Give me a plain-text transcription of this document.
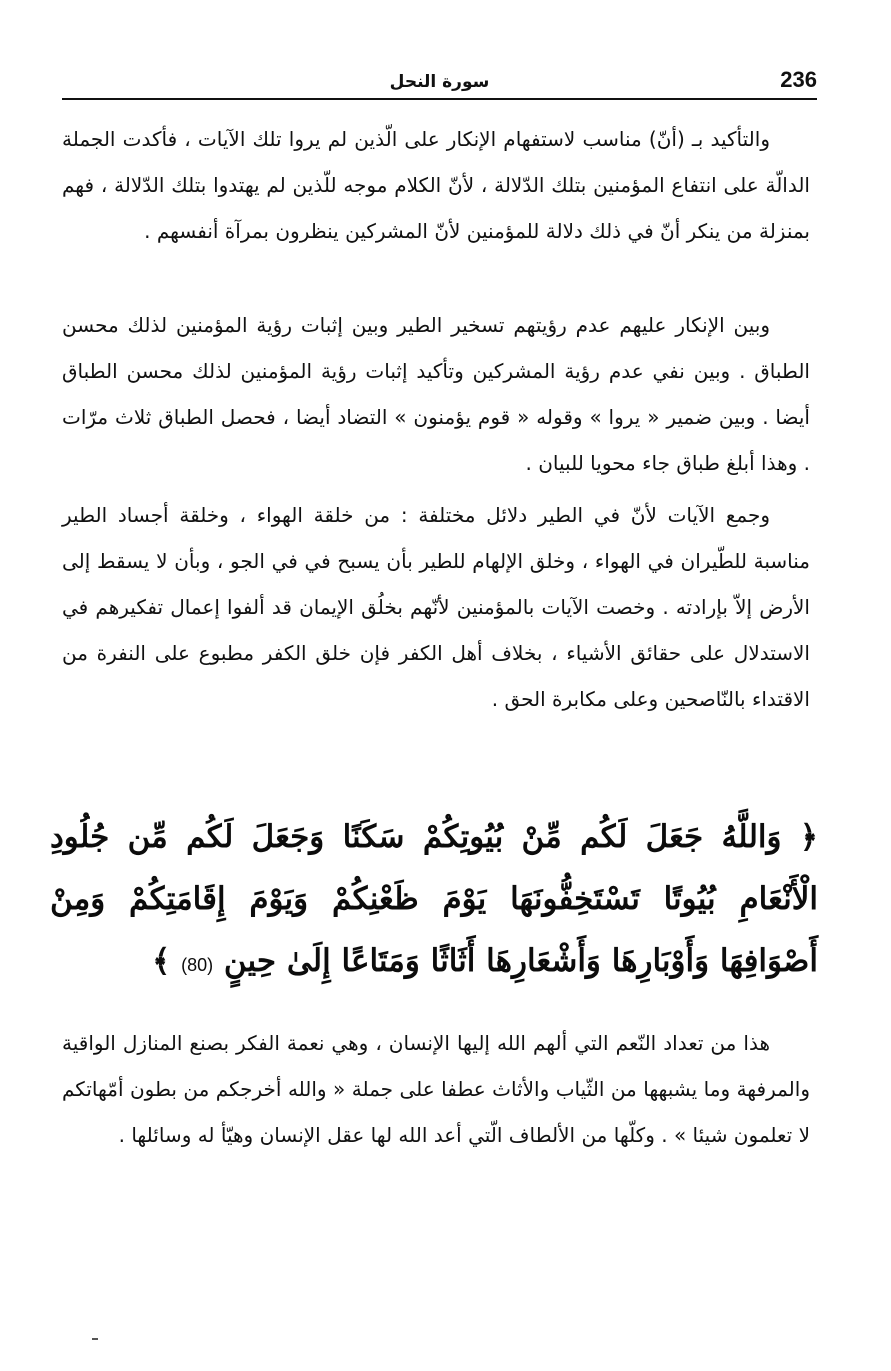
236
سورة النحل

والتأكيد بـ (أنّ) مناسب لاستفهام الإنكار على الّذين لم يروا تلك الآيات ، فأكدت الجملة الدالّة على انتفاع المؤمنين بتلك الدّلالة ، لأنّ الكلام موجه للّذين لم يهتدوا بتلك الدّلالة ، فهم بمنزلة من ينكر أنّ في ذلك دلالة للمؤمنين لأنّ المشركين ينظرون بمرآة أنفسهم .

وبين الإنكار عليهم عدم رؤيتهم تسخير الطير وبين إثبات رؤية المؤمنين لذلك محسن الطباق . وبين نفي عدم رؤية المشركين وتأكيد إثبات رؤية المؤمنين لذلك محسن الطباق أيضا . وبين ضمير « يروا » وقوله « قوم يؤمنون » التضاد أيضا ، فحصل الطباق ثلاث مرّات . وهذا أبلغ طباق جاء محويا للبيان .

وجمع الآيات لأنّ في الطير دلائل مختلفة : من خلقة الهواء ، وخلقة أجساد الطير مناسبة للطّيران في الهواء ، وخلق الإلهام للطير بأن يسبح في في الجو ، وبأن لا يسقط إلى الأرض إلاّ بإرادته . وخصت الآيات بالمؤمنين لأنّهم بخلُق الإيمان قد ألفوا إعمال تفكيرهم في الاستدلال على حقائق الأشياء ، بخلاف أهل الكفر فإن خلق الكفر مطبوع على النفرة من الاقتداء بالنّاصحين وعلى مكابرة الحق .

﴿ وَاللَّهُ جَعَلَ لَكُم مِّنْ بُيُوتِكُمْ سَكَنًا وَجَعَلَ لَكُم مِّن جُلُودِ الْأَنْعَامِ بُيُوتًا تَسْتَخِفُّونَهَا يَوْمَ ظَعْنِكُمْ وَيَوْمَ إِقَامَتِكُمْ وَمِنْ أَصْوَافِهَا وَأَوْبَارِهَا وَأَشْعَارِهَا أَثَاثًا وَمَتَاعًا إِلَىٰ حِينٍ (80) ﴾

هذا من تعداد النّعم التي ألهم الله إليها الإنسان ، وهي نعمة الفكر بصنع المنازل الواقية والمرفهة وما يشبهها من الثّياب والأثاث عطفا على جملة « والله أخرجكم من بطون أمّهاتكم لا تعلمون شيئا » . وكلّها من الألطاف الّتي أعد الله لها عقل الإنسان وهيّأ له وسائلها .
